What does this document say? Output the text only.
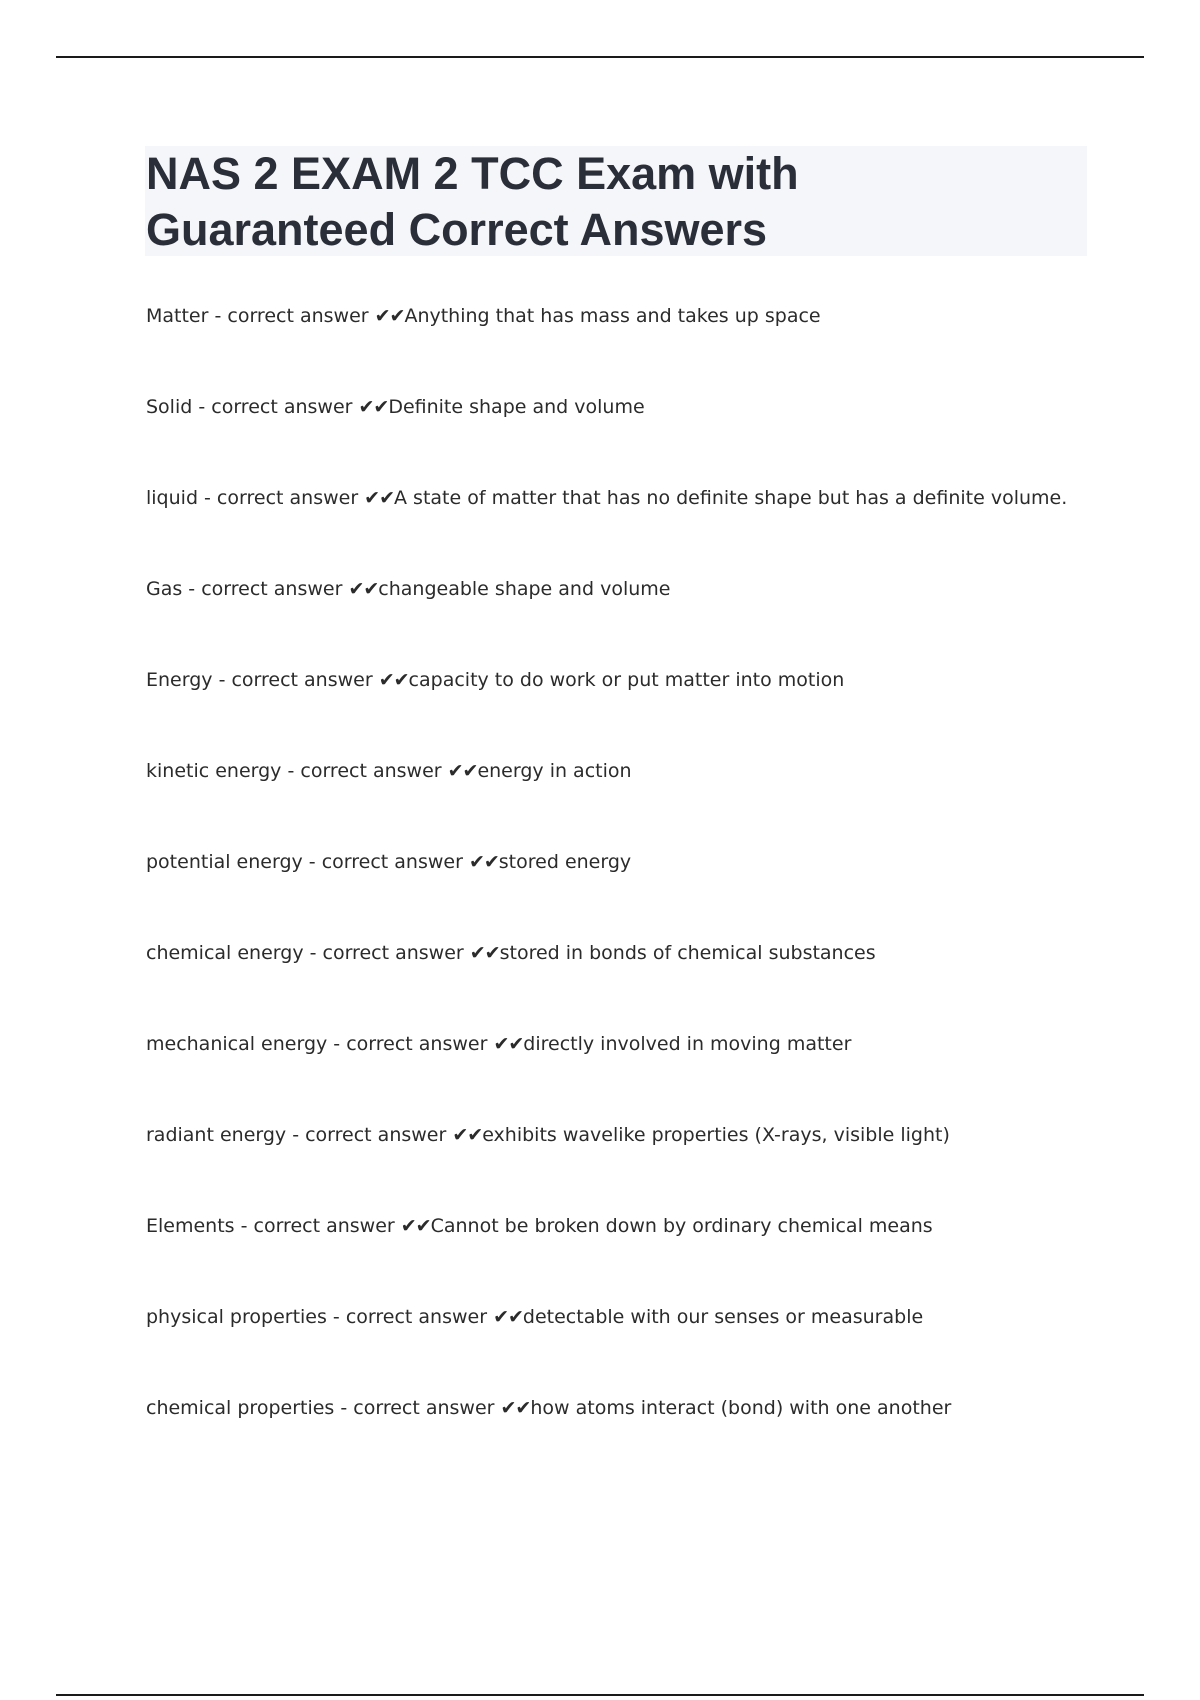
NAS 2 EXAM 2 TCC Exam with Guaranteed Correct Answers
Matter - correct answer ✔✔Anything that has mass and takes up space
Solid - correct answer ✔✔Definite shape and volume
liquid - correct answer ✔✔A state of matter that has no definite shape but has a definite volume.
Gas - correct answer ✔✔changeable shape and volume
Energy - correct answer ✔✔capacity to do work or put matter into motion
kinetic energy - correct answer ✔✔energy in action
potential energy - correct answer ✔✔stored energy
chemical energy - correct answer ✔✔stored in bonds of chemical substances
mechanical energy - correct answer ✔✔directly involved in moving matter
radiant energy - correct answer ✔✔exhibits wavelike properties (X-rays, visible light)
Elements - correct answer ✔✔Cannot be broken down by ordinary chemical means
physical properties - correct answer ✔✔detectable with our senses or measurable
chemical properties - correct answer ✔✔how atoms interact (bond) with one another
